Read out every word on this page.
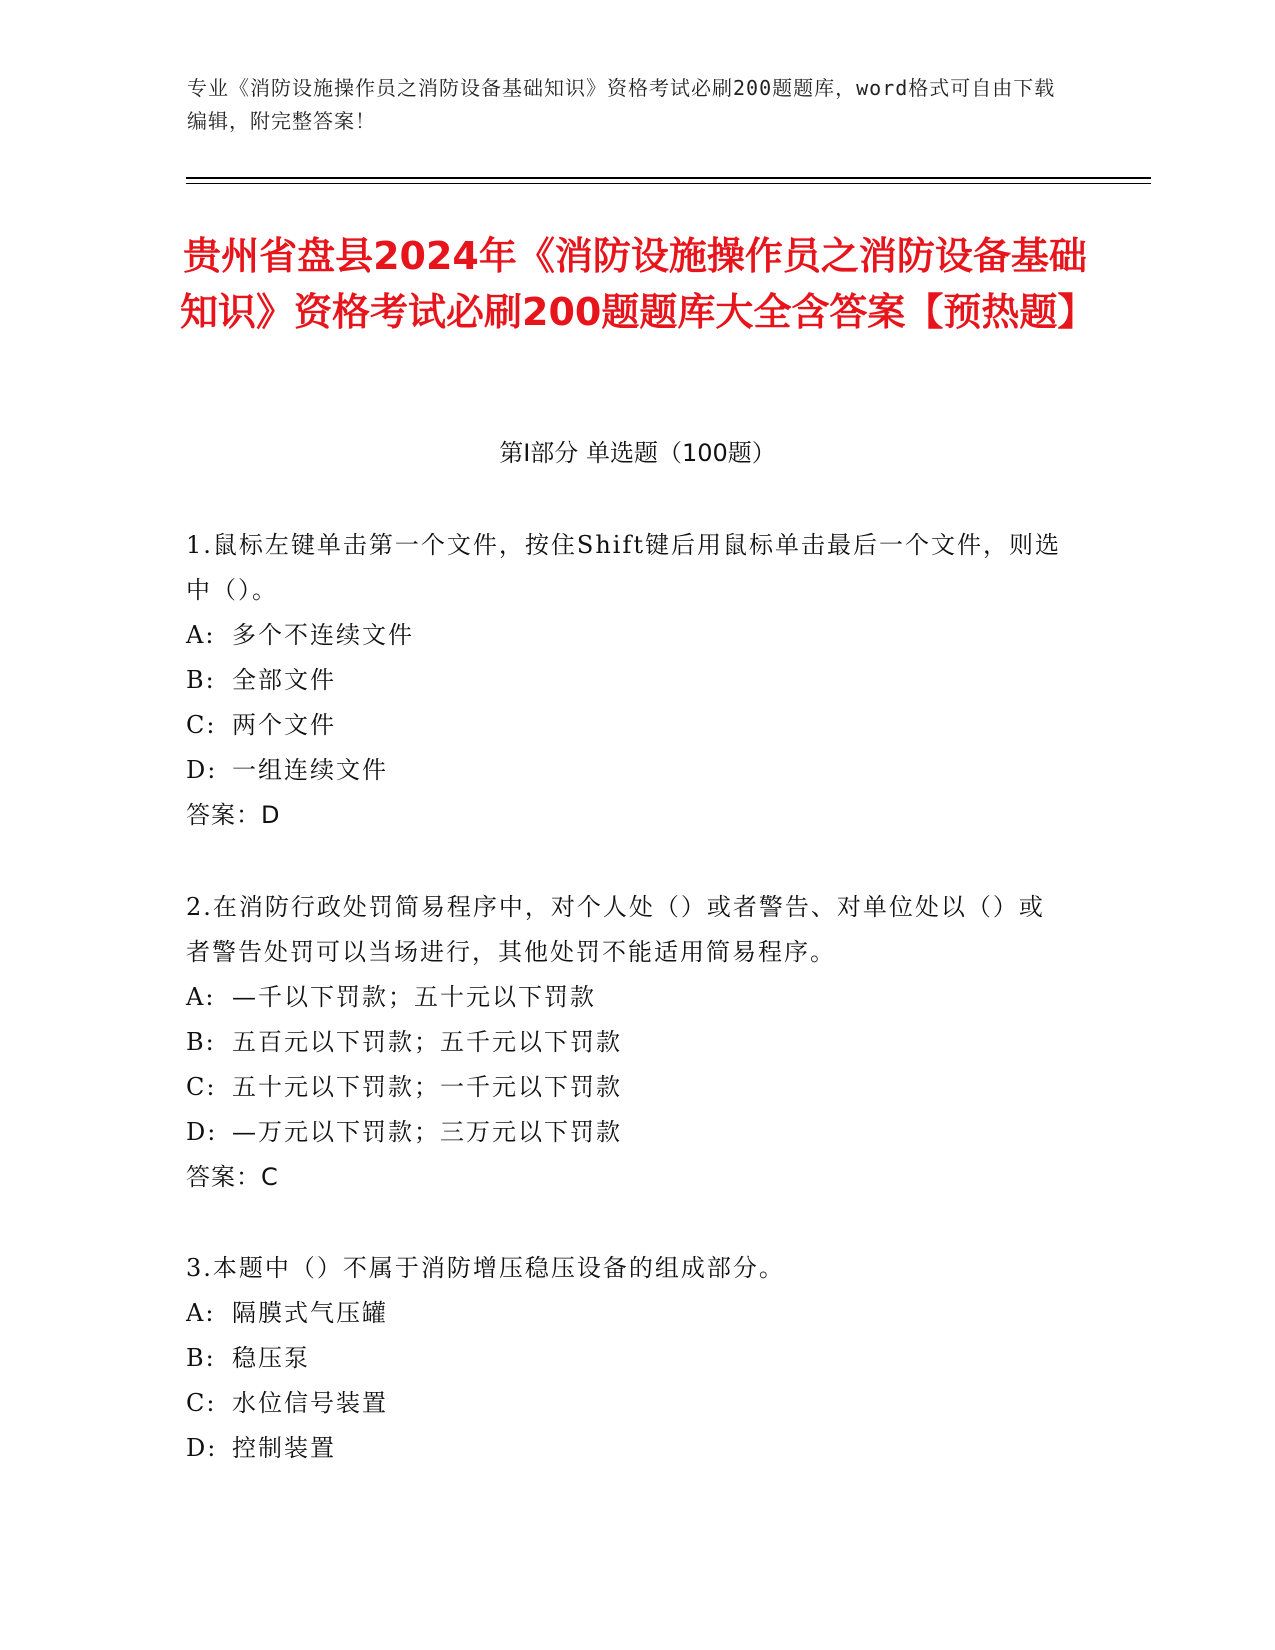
专业《消防设施操作员之消防设备基础知识》资格考试必刷200题题库，word格式可自由下载编辑，附完整答案！
贵州省盘县2024年《消防设施操作员之消防设备基础知识》资格考试必刷200题题库大全含答案【预热题】
第Ⅰ部分 单选题（100题）

1.鼠标左键单击第一个文件，按住Shift键后用鼠标单击最后一个文件，则选中（）。

A: 多个不连续文件

B: 全部文件

C: 两个文件

D: 一组连续文件

答案：D

2.在消防行政处罚简易程序中，对个人处（）或者警告、对单位处以（）或者警告处罚可以当场进行，其他处罚不能适用简易程序。

A: —千以下罚款；五十元以下罚款

B: 五百元以下罚款；五千元以下罚款

C: 五十元以下罚款；一千元以下罚款

D: —万元以下罚款；三万元以下罚款

答案：C

3.本题中（）不属于消防增压稳压设备的组成部分。

A: 隔膜式气压罐

B: 稳压泵

C: 水位信号装置

D: 控制装置
